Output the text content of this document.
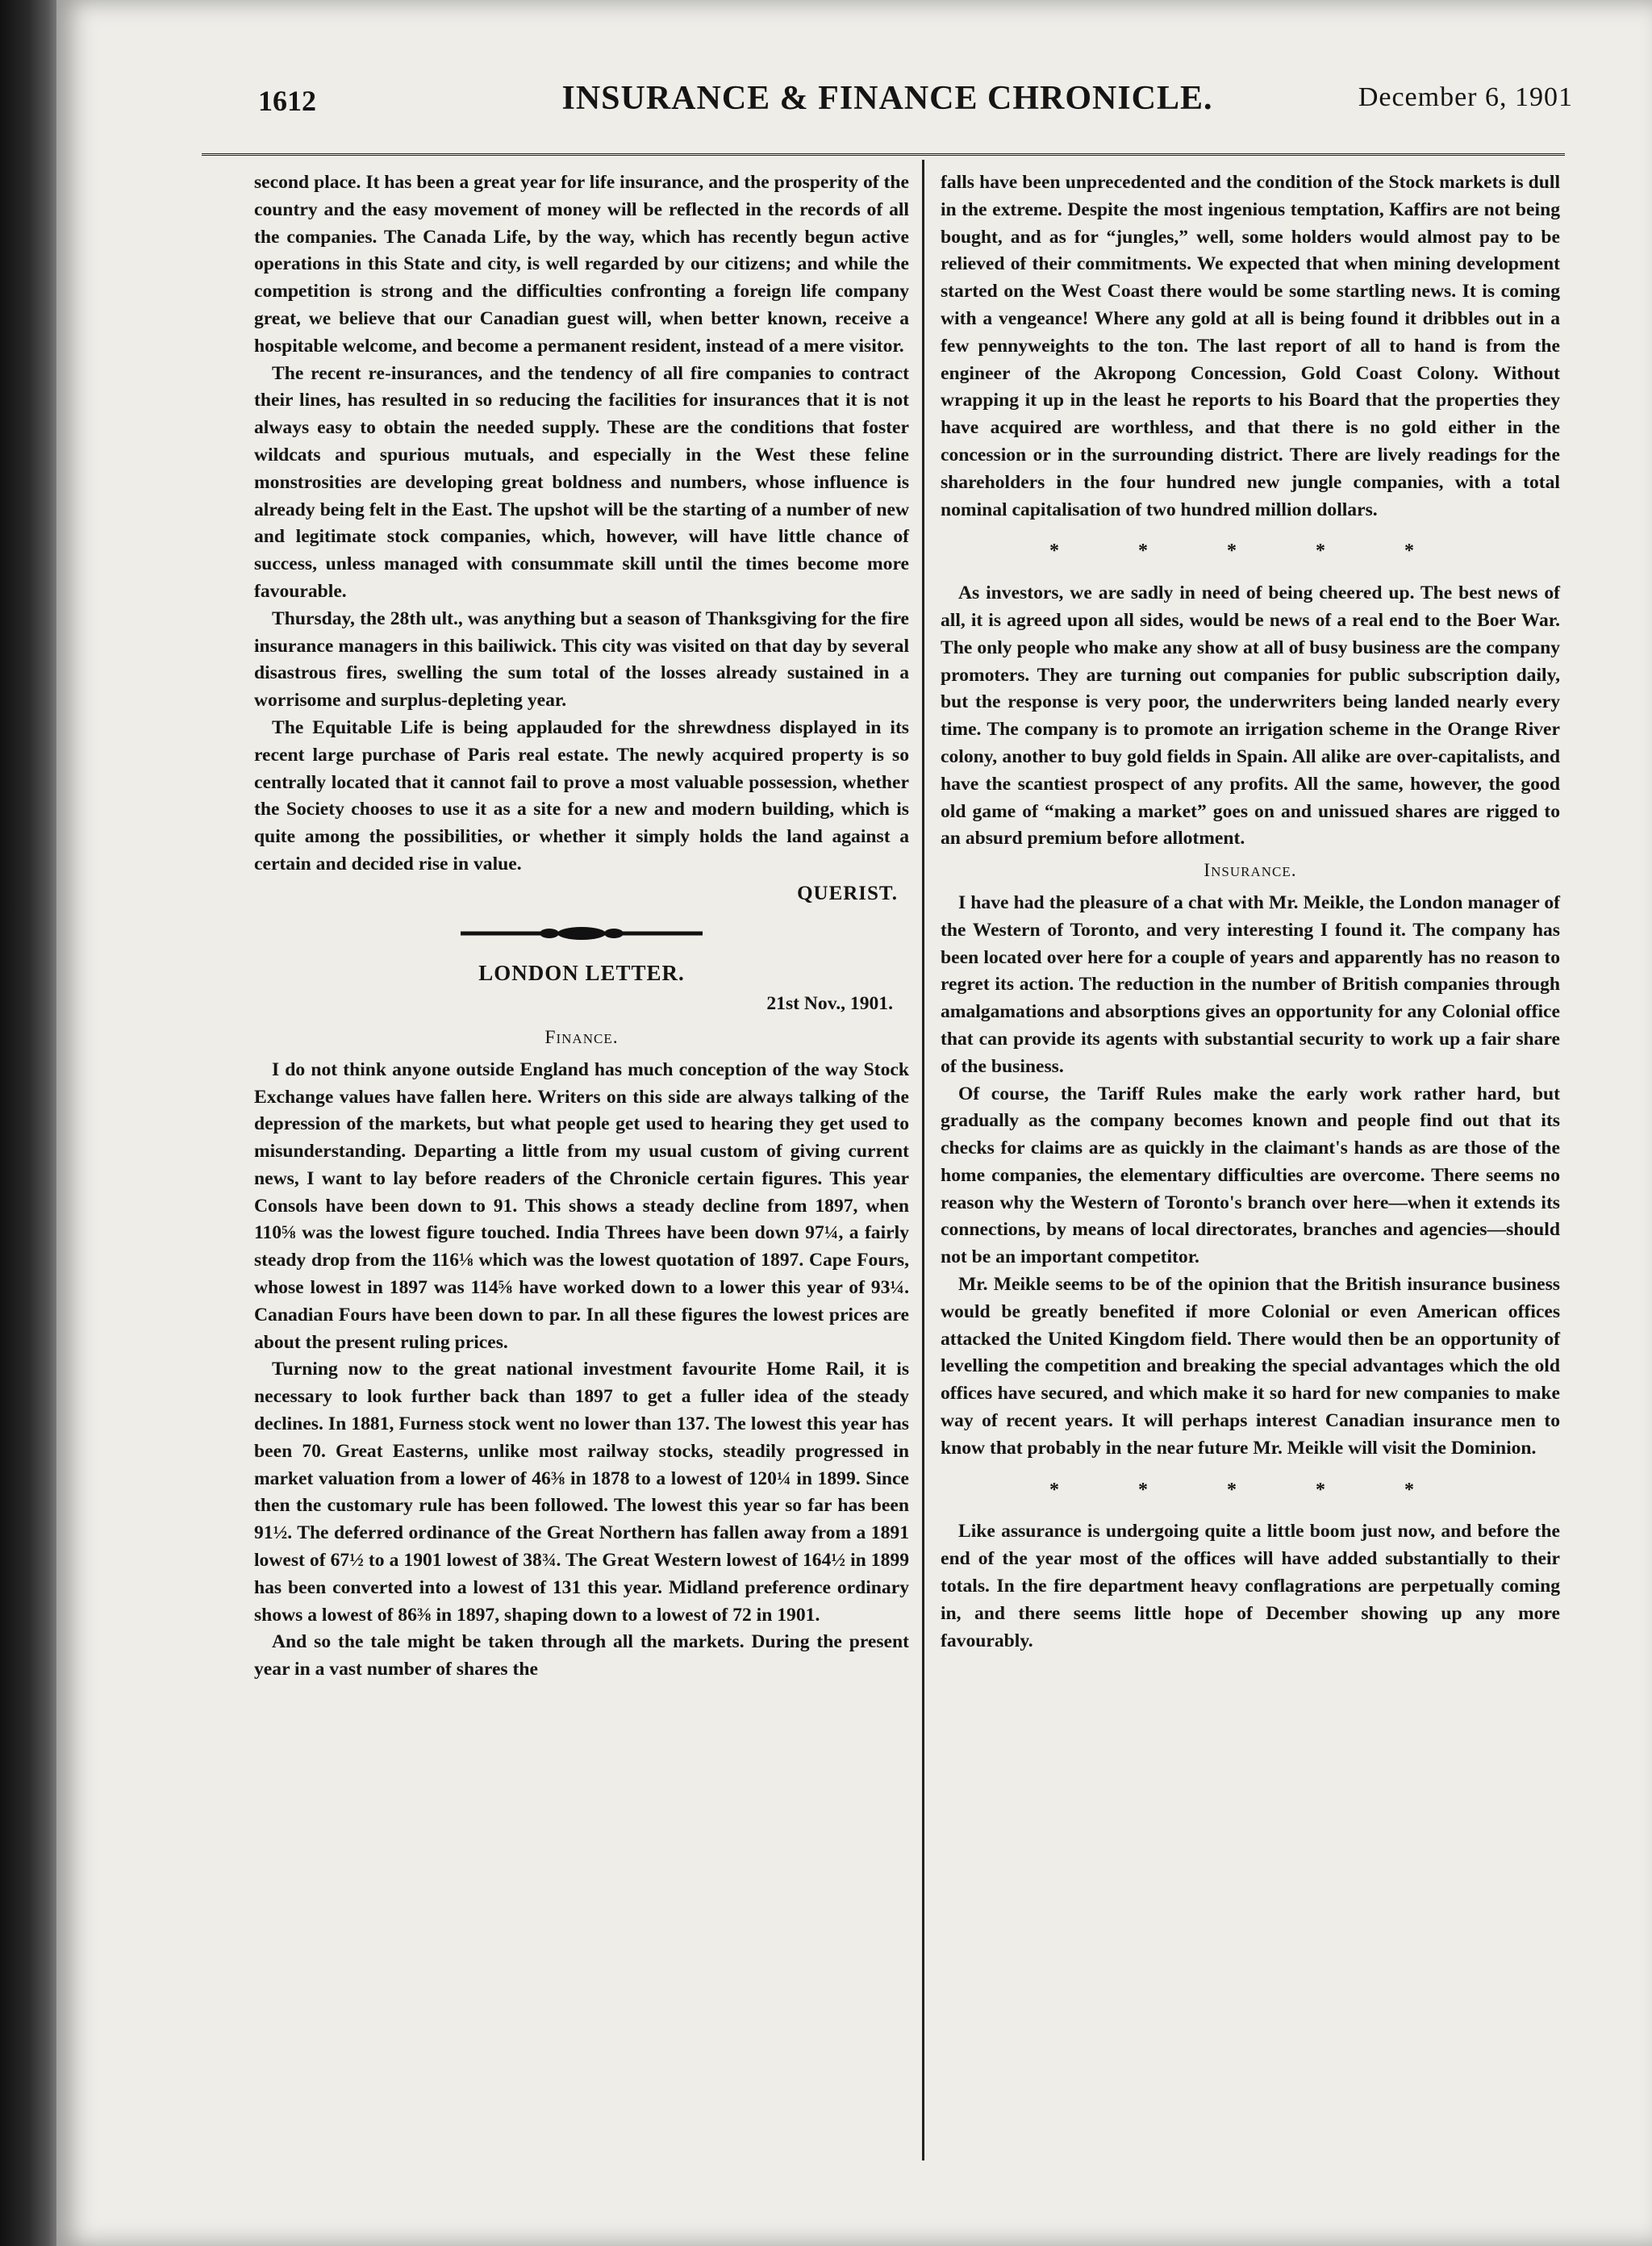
1612	INSURANCE & FINANCE CHRONICLE.	December 6, 1901

second place. It has been a great year for life insurance, and the prosperity of the country and the easy movement of money will be reflected in the records of all the companies. The Canada Life, by the way, which has recently begun active operations in this State and city, is well regarded by our citizens; and while the competition is strong and the difficulties confronting a foreign life company great, we believe that our Canadian guest will, when better known, receive a hospitable welcome, and become a permanent resident, instead of a mere visitor.

The recent re-insurances, and the tendency of all fire companies to contract their lines, has resulted in so reducing the facilities for insurances that it is not always easy to obtain the needed supply. These are the conditions that foster wildcats and spurious mutuals, and especially in the West these feline monstrosities are developing great boldness and numbers, whose influence is already being felt in the East. The upshot will be the starting of a number of new and legitimate stock companies, which, however, will have little chance of success, unless managed with consummate skill until the times become more favourable.

Thursday, the 28th ult., was anything but a season of Thanksgiving for the fire insurance managers in this bailiwick. This city was visited on that day by several disastrous fires, swelling the sum total of the losses already sustained in a worrisome and surplus-depleting year.

The Equitable Life is being applauded for the shrewdness displayed in its recent large purchase of Paris real estate. The newly acquired property is so centrally located that it cannot fail to prove a most valuable possession, whether the Society chooses to use it as a site for a new and modern building, which is quite among the possibilities, or whether it simply holds the land against a certain and decided rise in value.

QUERIST.
LONDON LETTER.
21st Nov., 1901.
Finance.

I do not think anyone outside England has much conception of the way Stock Exchange values have fallen here. Writers on this side are always talking of the depression of the markets, but what people get used to hearing they get used to misunderstanding. Departing a little from my usual custom of giving current news, I want to lay before readers of the Chronicle certain figures. This year Consols have been down to 91. This shows a steady decline from 1897, when 110⅝ was the lowest figure touched. India Threes have been down 97¼, a fairly steady drop from the 116⅛ which was the lowest quotation of 1897. Cape Fours, whose lowest in 1897 was 114⅝ have worked down to a lower this year of 93¼. Canadian Fours have been down to par. In all these figures the lowest prices are about the present ruling prices.

Turning now to the great national investment favourite Home Rail, it is necessary to look further back than 1897 to get a fuller idea of the steady declines. In 1881, Furness stock went no lower than 137. The lowest this year has been 70. Great Easterns, unlike most railway stocks, steadily progressed in market valuation from a lower of 46⅜ in 1878 to a lowest of 120¼ in 1899. Since then the customary rule has been followed. The lowest this year so far has been 91½. The deferred ordinance of the Great Northern has fallen away from a 1891 lowest of 67½ to a 1901 lowest of 38¾. The Great Western lowest of 164½ in 1899 has been converted into a lowest of 131 this year. Midland preference ordinary shows a lowest of 86⅜ in 1897, shaping down to a lowest of 72 in 1901.

And so the tale might be taken through all the markets. During the present year in a vast number of shares the

falls have been unprecedented and the condition of the Stock markets is dull in the extreme. Despite the most ingenious temptation, Kaffirs are not being bought, and as for “jungles,” well, some holders would almost pay to be relieved of their commitments. We expected that when mining development started on the West Coast there would be some startling news. It is coming with a vengeance! Where any gold at all is being found it dribbles out in a few pennyweights to the ton. The last report of all to hand is from the engineer of the Akropong Concession, Gold Coast Colony. Without wrapping it up in the least he reports to his Board that the properties they have acquired are worthless, and that there is no gold either in the concession or in the surrounding district. There are lively readings for the shareholders in the four hundred new jungle companies, with a total nominal capitalisation of two hundred million dollars.

* * * * *

As investors, we are sadly in need of being cheered up. The best news of all, it is agreed upon all sides, would be news of a real end to the Boer War. The only people who make any show at all of busy business are the company promoters. They are turning out companies for public subscription daily, but the response is very poor, the underwriters being landed nearly every time. The company is to promote an irrigation scheme in the Orange River colony, another to buy gold fields in Spain. All alike are over-capitalists, and have the scantiest prospect of any profits. All the same, however, the good old game of “making a market” goes on and unissued shares are rigged to an absurd premium before allotment.

Insurance.

I have had the pleasure of a chat with Mr. Meikle, the London manager of the Western of Toronto, and very interesting I found it. The company has been located over here for a couple of years and apparently has no reason to regret its action. The reduction in the number of British companies through amalgamations and absorptions gives an opportunity for any Colonial office that can provide its agents with substantial security to work up a fair share of the business.

Of course, the Tariff Rules make the early work rather hard, but gradually as the company becomes known and people find out that its checks for claims are as quickly in the claimant's hands as are those of the home companies, the elementary difficulties are overcome. There seems no reason why the Western of Toronto's branch over here—when it extends its connections, by means of local directorates, branches and agencies—should not be an important competitor.

Mr. Meikle seems to be of the opinion that the British insurance business would be greatly benefited if more Colonial or even American offices attacked the United Kingdom field. There would then be an opportunity of levelling the competition and breaking the special advantages which the old offices have secured, and which make it so hard for new companies to make way of recent years. It will perhaps interest Canadian insurance men to know that probably in the near future Mr. Meikle will visit the Dominion.

* * * * *

Like assurance is undergoing quite a little boom just now, and before the end of the year most of the offices will have added substantially to their totals. In the fire department heavy conflagrations are perpetually coming in, and there seems little hope of December showing up any more favourably.
